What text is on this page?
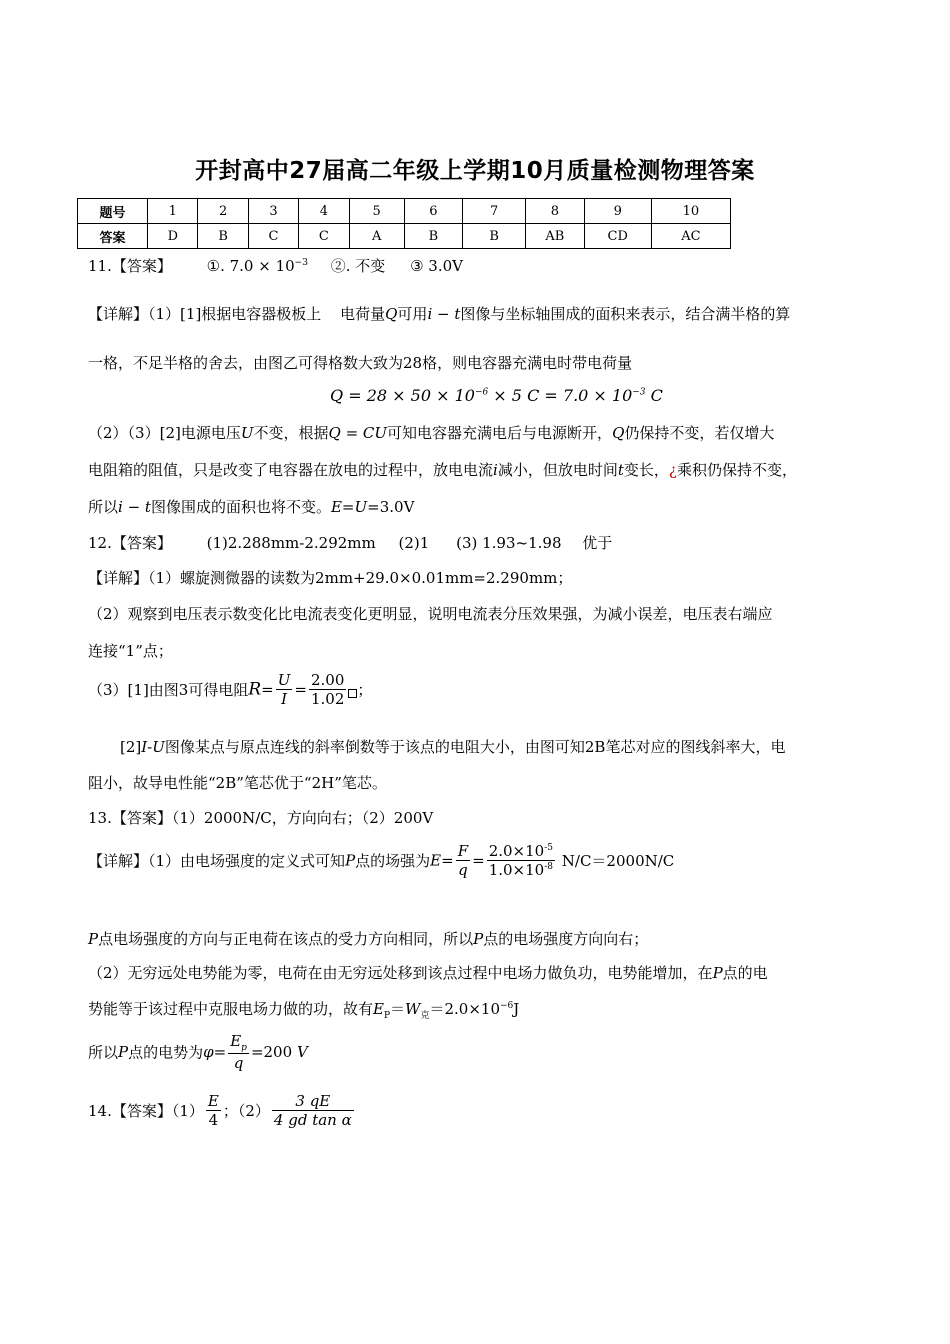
开封高中27届高二年级上学期10月质量检测物理答案
题号	1	2	3	4	5	6	7	8	9	10
答案	D	B	C	C	A	B	B	AB	CD	AC
11.【答案】 ①. $7.0 \times 10^{-3}$ ②. 不变 ③ 3.0V
【详解】（1）[1]根据电容器极板上 电荷量Q可用i − t图像与坐标轴围成的面积来表示，结合满半格的算
一格，不足半格的舍去，由图乙可得格数大致为28格，则电容器充满电时带电荷量
$Q = 28 \times 50 \times 10^{-6} \times 5$ $C = 7.0 \times 10^{-3}$ C
（2）（3）[2]电源电压U不变，根据Q = CU可知电容器充满电后与电源断开，Q仍保持不变，若仅增大
电阻箱的阻值，只是改变了电容器在放电的过程中，放电电流i减小，但放电时间t变长，¿乘积仍保持不变，
所以i − t图像围成的面积也将不变。E=U=3.0V
12.【答案】 (1)2.288mm-2.292mm (2)1 (3) 1.93~1.98 优于
【详解】（1）螺旋测微器的读数为2mm+29.0×0.01mm=2.290mm；
（2）观察到电压表示数变化比电流表变化更明显，说明电流表分压效果强，为减小误差，电压表右端应
连接“1”点；
（3）[1]由图3可得电阻$R= \frac{U}{I} = \frac{2.00}{1.02}$ ；
[2]I-U图像某点与原点连线的斜率倒数等于该点的电阻大小，由图可知2B笔芯对应的图线斜率大，电
阻小，故导电性能“2B”笔芯优于“2H”笔芯。
13.【答案】（1）2000N/C，方向向右；（2）200V
【详解】（1）由电场强度的定义式可知P点的场强为$E= \frac{F}{q} = \frac{2.0\times 10^{-5}}{1.0\times 10^{-8}} N/C=2000N/C$
P点电场强度的方向与正电荷在该点的受力方向相同，所以P点的电场强度方向向右；
（2）无穷远处电势能为零，电荷在由无穷远处移到该点过程中电场力做负功，电势能增加，在P点的电
势能等于该过程中克服电场力做的功，故有$E_P=W_克=2.0\times 10^{-6}J$
所以P点的电势为$\varphi= \frac{E_p}{q} =200$ V
14.【答案】$(1) \frac{E}{4}$ ；$(2) \frac{3 qE}{\text{4 gd tan α}}$
